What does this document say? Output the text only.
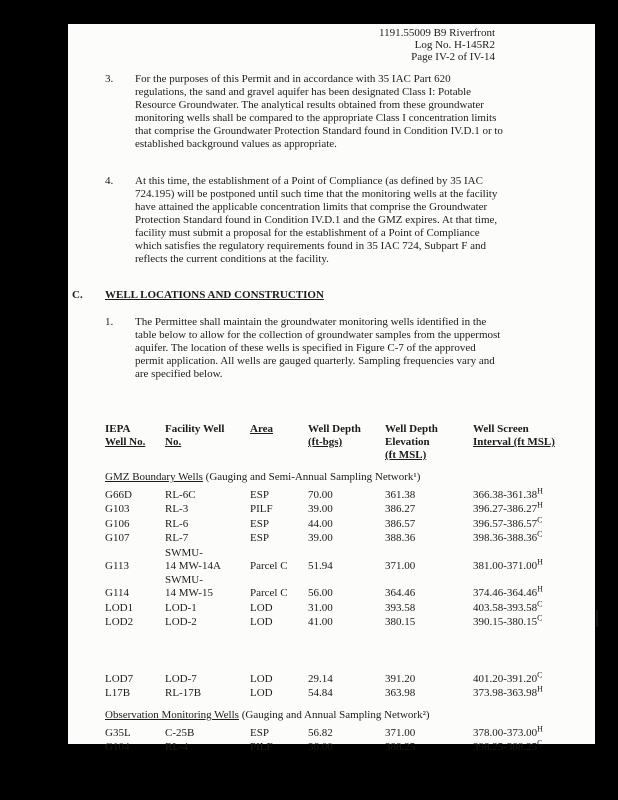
1191.55009 B9 Riverfront
Log No. H-145R2
Page IV-2 of IV-14
3. For the purposes of this Permit and in accordance with 35 IAC Part 620 regulations, the sand and gravel aquifer has been designated Class I: Potable Resource Groundwater. The analytical results obtained from these groundwater monitoring wells shall be compared to the appropriate Class I concentration limits that comprise the Groundwater Protection Standard found in Condition IV.D.1 or to established background values as appropriate.
4. At this time, the establishment of a Point of Compliance (as defined by 35 IAC 724.195) will be postponed until such time that the monitoring wells at the facility have attained the applicable concentration limits that comprise the Groundwater Protection Standard found in Condition IV.D.1 and the GMZ expires. At that time, facility must submit a proposal for the establishment of a Point of Compliance which satisfies the regulatory requirements found in 35 IAC 724, Subpart F and reflects the current conditions at the facility.
C. WELL LOCATIONS AND CONSTRUCTION
1. The Permittee shall maintain the groundwater monitoring wells identified in the table below to allow for the collection of groundwater samples from the uppermost aquifer. The location of these wells is specified in Figure C-7 of the approved permit application. All wells are gauged quarterly. Sampling frequencies vary and are specified below.
IEPA
Well No.

Facility Well
No.

Area	Well Depth
(ft-bgs)

Well Depth
Elevation
(ft MSL)

Well Screen
Interval (ft MSL)

GMZ Boundary Wells (Gauging and Semi-Annual Sampling Network¹)					
G66D	RL-6C	ESP	70.00	361.38	$366.38-361.38^H$
G103	RL-3	PILF	39.00	386.27	$396.27-386.27^H$
G106	RL-6	ESP	44.00	386.57	$396.57-386.57^C$
G107	RL-7	ESP	39.00	388.36	$398.36-388.36^C$
G113	SWMU-
14 MW-14A	Parcel C	51.94	371.00	$381.00-371.00^H$
G114	SWMU-
14 MW-15	Parcel C	56.00	364.46	$374.46-364.46^H$
LOD1	LOD-1	LOD	31.00	393.58	$403.58-393.58^C$
LOD2	LOD-2	LOD	41.00	380.15	$390.15-380.15^C$

LOD7	LOD-7	LOD	29.14	391.20	$401.20-391.20^C$
L17B	RL-17B	LOD	54.84	363.98	$373.98-363.98^H$
Observation Monitoring Wells (Gauging and Annual Sampling Network²)					
G35L	C-25B	ESP	56.82	371.00	$378.00-373.00^H$
G104	RL-4	PILF	36.00	388.25	$398.25-388.25^C$
